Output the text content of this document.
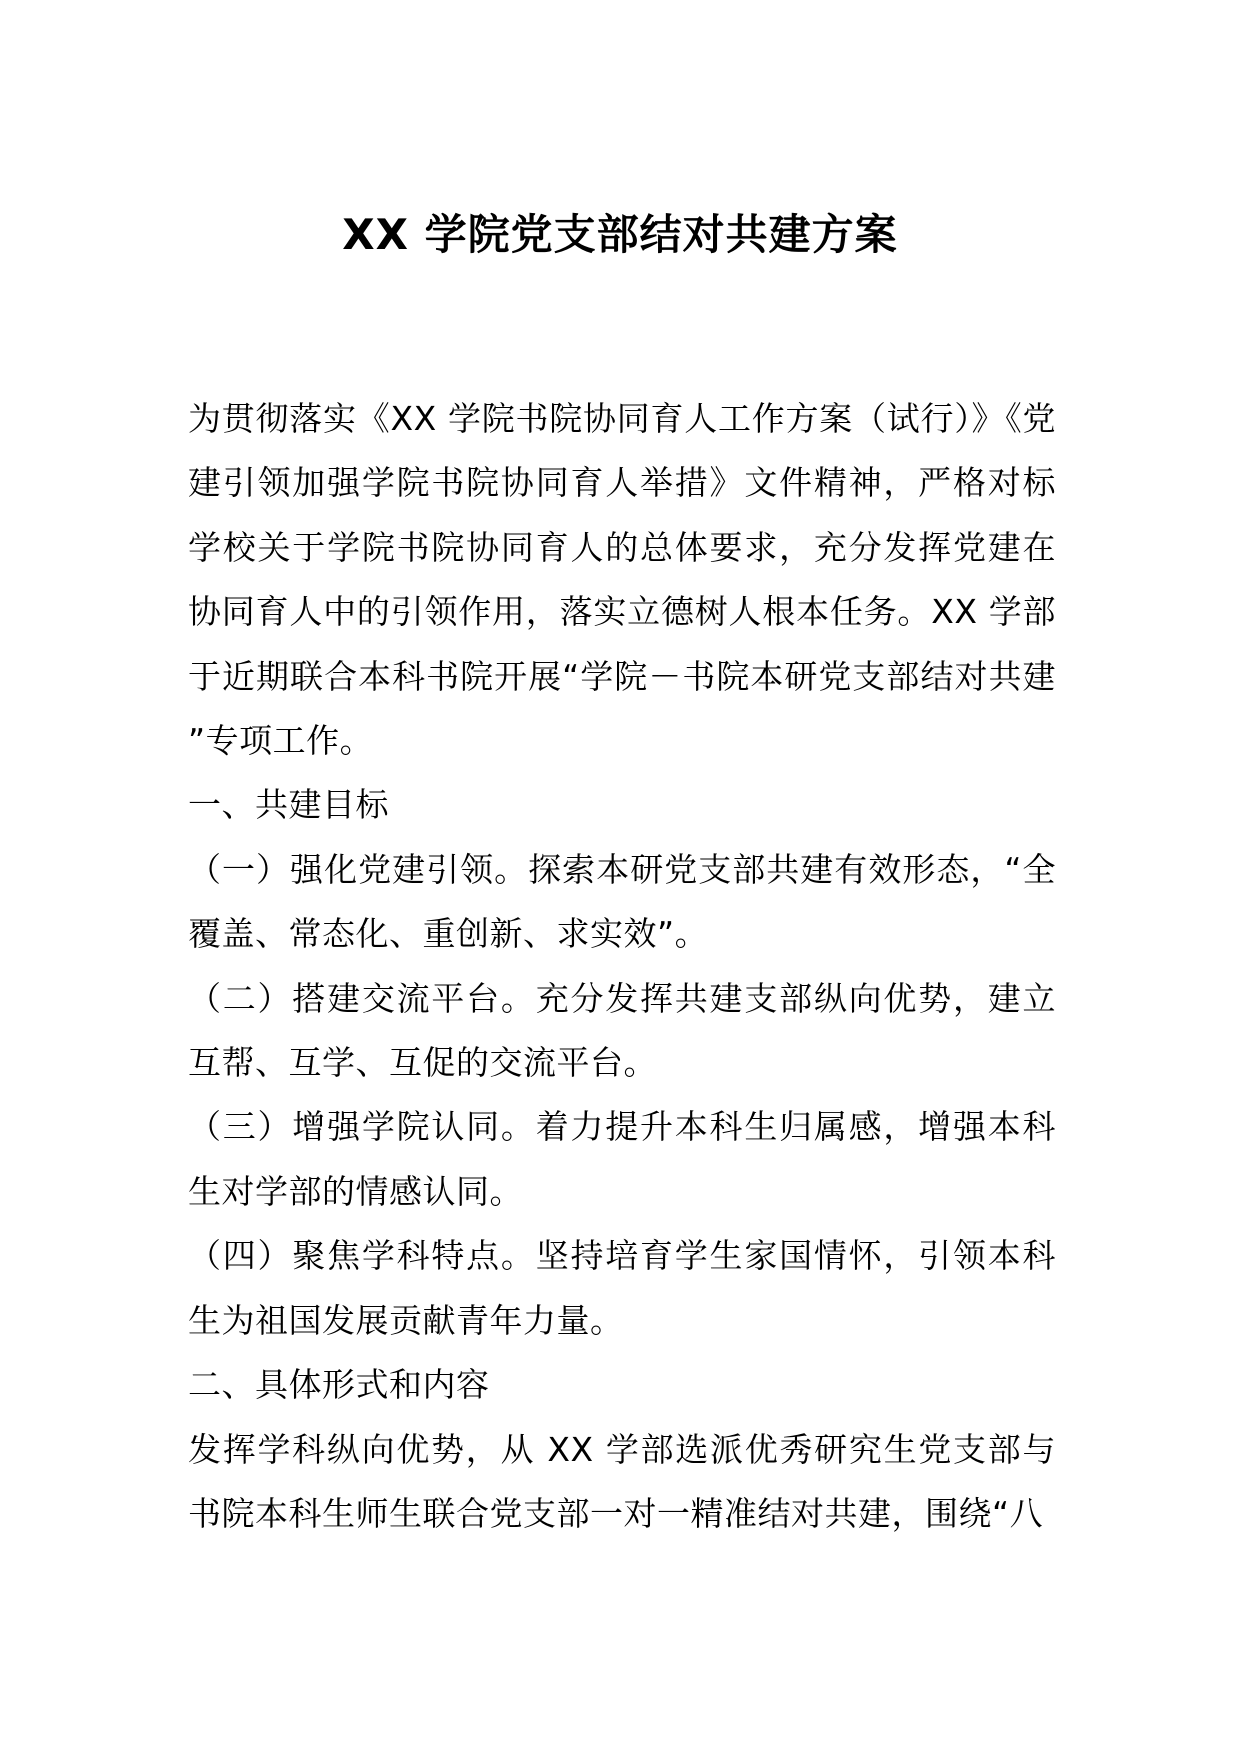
XX 学院党支部结对共建方案

为贯彻落实《XX 学院书院协同育人工作方案（试行）》《党建引领加强学院书院协同育人举措》文件精神，严格对标学校关于学院书院协同育人的总体要求，充分发挥党建在协同育人中的引领作用，落实立德树人根本任务。XX 学部于近期联合本科书院开展“学院－书院本研党支部结对共建”专项工作。

一、共建目标

（一）强化党建引领。探索本研党支部共建有效形态，“全覆盖、常态化、重创新、求实效”。

（二）搭建交流平台。充分发挥共建支部纵向优势，建立互帮、互学、互促的交流平台。

（三）增强学院认同。着力提升本科生归属感，增强本科生对学部的情感认同。

（四）聚焦学科特点。坚持培育学生家国情怀，引领本科生为祖国发展贡献青年力量。

二、具体形式和内容

发挥学科纵向优势，从 XX 学部选派优秀研究生党支部与书院本科生师生联合党支部一对一精准结对共建，围绕“八
